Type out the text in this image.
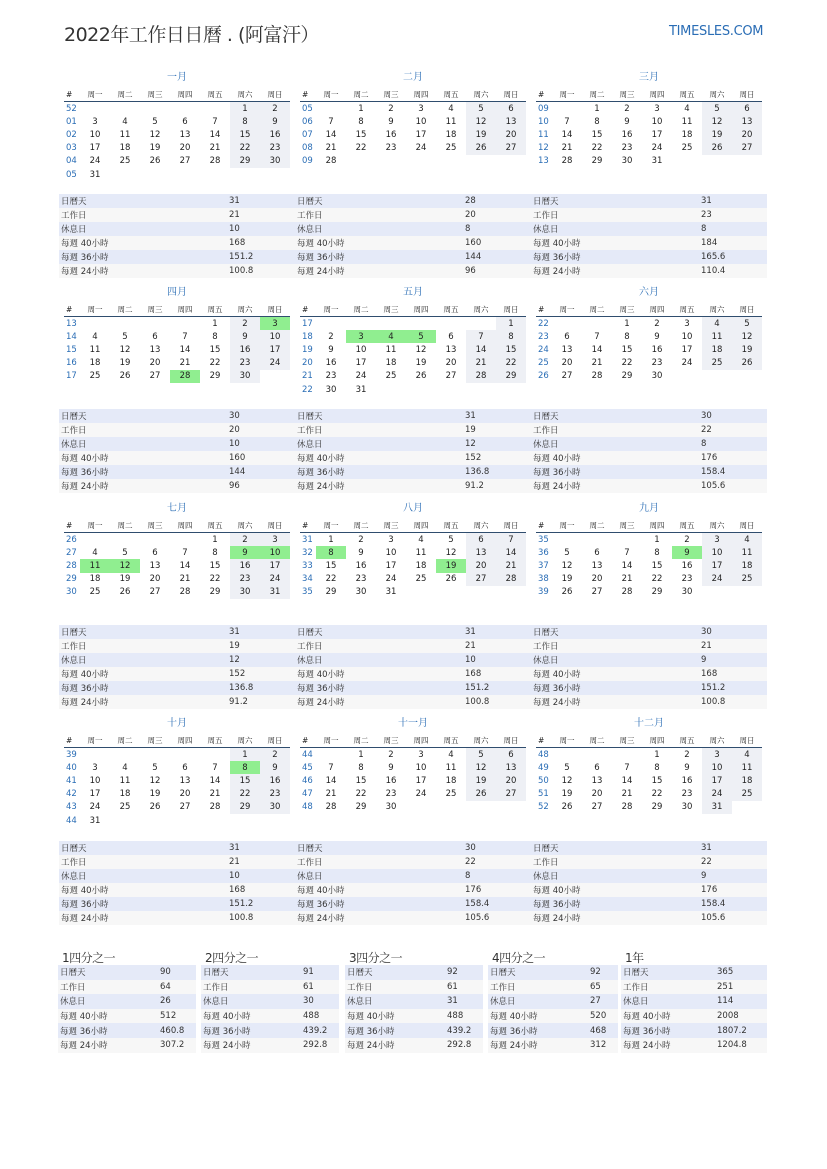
2022年工作日日曆 . (阿富汗）	TIMESLES.COM
一月
#	周一	周二	周三	周四	周五	周六	周日
52						1	2
01	3	4	5	6	7	8	9
02	10	11	12	13	14	15	16
03	17	18	19	20	21	22	23
04	24	25	26	27	28	29	30
05	31						
日曆天	31
工作日	21
休息日	10
每週 40小時	168
每週 36小時	151.2
每週 24小時	100.8
二月
#	周一	周二	周三	周四	周五	周六	周日
05		1	2	3	4	5	6
06	7	8	9	10	11	12	13
07	14	15	16	17	18	19	20
08	21	22	23	24	25	26	27
09	28						
日曆天	28
工作日	20
休息日	8
每週 40小時	160
每週 36小時	144
每週 24小時	96
三月
#	周一	周二	周三	周四	周五	周六	周日
09		1	2	3	4	5	6
10	7	8	9	10	11	12	13
11	14	15	16	17	18	19	20
12	21	22	23	24	25	26	27
13	28	29	30	31			
日曆天	31
工作日	23
休息日	8
每週 40小時	184
每週 36小時	165.6
每週 24小時	110.4
四月
#	周一	周二	周三	周四	周五	周六	周日
13					1	2	3
14	4	5	6	7	8	9	10
15	11	12	13	14	15	16	17
16	18	19	20	21	22	23	24
17	25	26	27	28	29	30	
日曆天	30
工作日	20
休息日	10
每週 40小時	160
每週 36小時	144
每週 24小時	96
五月
#	周一	周二	周三	周四	周五	周六	周日
17							1
18	2	3	4	5	6	7	8
19	9	10	11	12	13	14	15
20	16	17	18	19	20	21	22
21	23	24	25	26	27	28	29
22	30	31					
日曆天	31
工作日	19
休息日	12
每週 40小時	152
每週 36小時	136.8
每週 24小時	91.2
六月
#	周一	周二	周三	周四	周五	周六	周日
22			1	2	3	4	5
23	6	7	8	9	10	11	12
24	13	14	15	16	17	18	19
25	20	21	22	23	24	25	26
26	27	28	29	30			
日曆天	30
工作日	22
休息日	8
每週 40小時	176
每週 36小時	158.4
每週 24小時	105.6
七月
#	周一	周二	周三	周四	周五	周六	周日
26					1	2	3
27	4	5	6	7	8	9	10
28	11	12	13	14	15	16	17
29	18	19	20	21	22	23	24
30	25	26	27	28	29	30	31
日曆天	31
工作日	19
休息日	12
每週 40小時	152
每週 36小時	136.8
每週 24小時	91.2
八月
#	周一	周二	周三	周四	周五	周六	周日
31	1	2	3	4	5	6	7
32	8	9	10	11	12	13	14
33	15	16	17	18	19	20	21
34	22	23	24	25	26	27	28
35	29	30	31				
日曆天	31
工作日	21
休息日	10
每週 40小時	168
每週 36小時	151.2
每週 24小時	100.8
九月
#	周一	周二	周三	周四	周五	周六	周日
35				1	2	3	4
36	5	6	7	8	9	10	11
37	12	13	14	15	16	17	18
38	19	20	21	22	23	24	25
39	26	27	28	29	30		
日曆天	30
工作日	21
休息日	9
每週 40小時	168
每週 36小時	151.2
每週 24小時	100.8
十月
#	周一	周二	周三	周四	周五	周六	周日
39						1	2
40	3	4	5	6	7	8	9
41	10	11	12	13	14	15	16
42	17	18	19	20	21	22	23
43	24	25	26	27	28	29	30
44	31						
日曆天	31
工作日	21
休息日	10
每週 40小時	168
每週 36小時	151.2
每週 24小時	100.8
十一月
#	周一	周二	周三	周四	周五	周六	周日
44		1	2	3	4	5	6
45	7	8	9	10	11	12	13
46	14	15	16	17	18	19	20
47	21	22	23	24	25	26	27
48	28	29	30				
日曆天	30
工作日	22
休息日	8
每週 40小時	176
每週 36小時	158.4
每週 24小時	105.6
十二月
#	周一	周二	周三	周四	周五	周六	周日
48				1	2	3	4
49	5	6	7	8	9	10	11
50	12	13	14	15	16	17	18
51	19	20	21	22	23	24	25
52	26	27	28	29	30	31	
日曆天	31
工作日	22
休息日	9
每週 40小時	176
每週 36小時	158.4
每週 24小時	105.6
1四分之一
日曆天	90
工作日	64
休息日	26
每週 40小時	512
每週 36小時	460.8
每週 24小時	307.2
2四分之一
日曆天	91
工作日	61
休息日	30
每週 40小時	488
每週 36小時	439.2
每週 24小時	292.8
3四分之一
日曆天	92
工作日	61
休息日	31
每週 40小時	488
每週 36小時	439.2
每週 24小時	292.8
4四分之一
日曆天	92
工作日	65
休息日	27
每週 40小時	520
每週 36小時	468
每週 24小時	312
1年
日曆天	365
工作日	251
休息日	114
每週 40小時	2008
每週 36小時	1807.2
每週 24小時	1204.8
